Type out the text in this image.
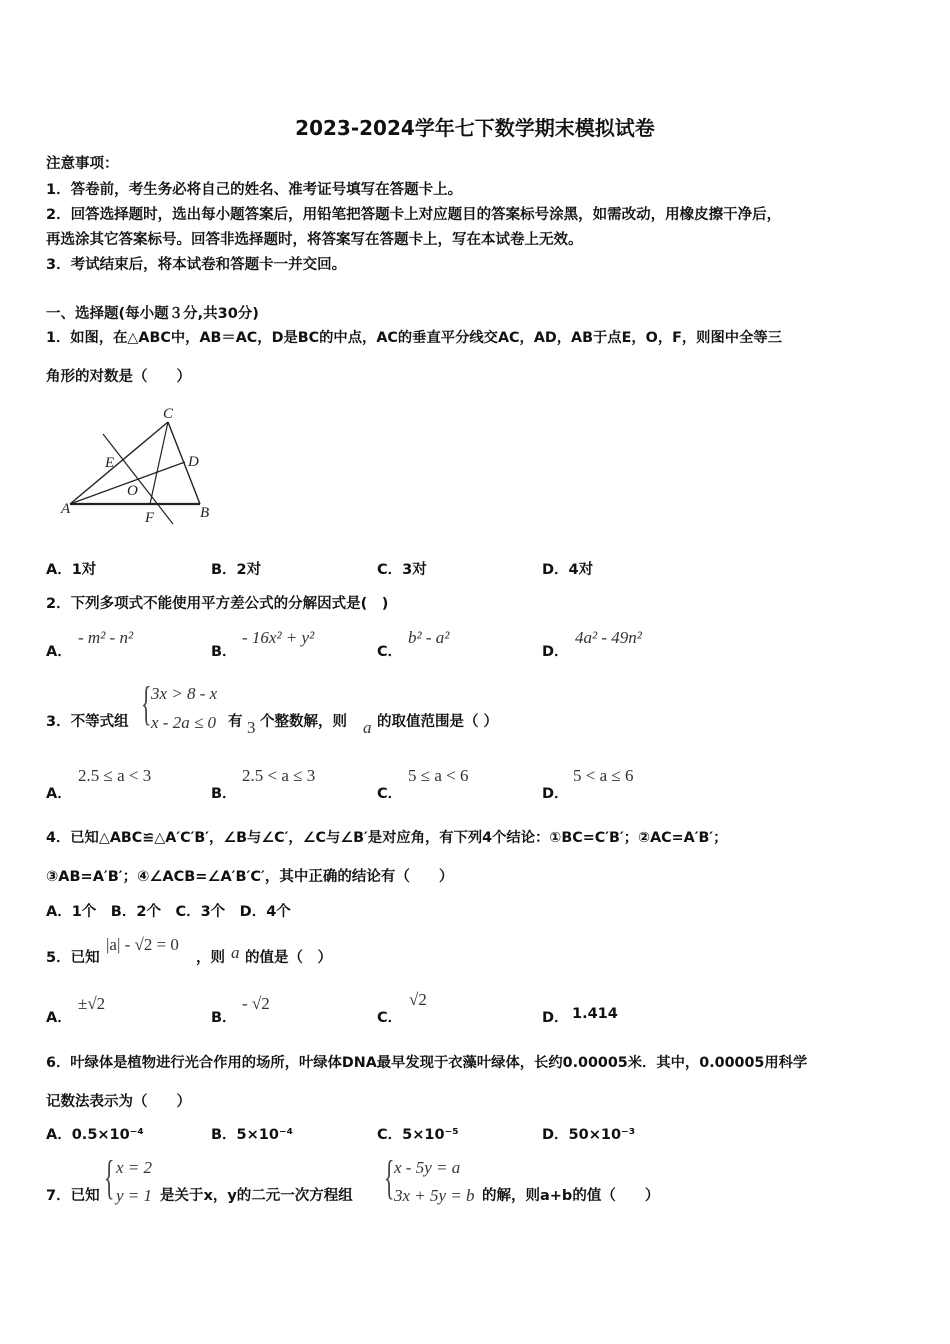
2023-2024学年七下数学期末模拟试卷
注意事项：
1．答卷前，考生务必将自己的姓名、准考证号填写在答题卡上。
2．回答选择题时，选出每小题答案后，用铅笔把答题卡上对应题目的答案标号涂黑，如需改动，用橡皮擦干净后，
再选涂其它答案标号。回答非选择题时，将答案写在答题卡上，写在本试卷上无效。
3．考试结束后，将本试卷和答题卡一并交回。
一、选择题(每小题３分,共30分)
1．如图，在△ABC中，AB＝AC，D是BC的中点，AC的垂直平分线交AC，AD，AB于点E，O，F，则图中全等三
角形的对数是（　　）
C
E	D
O
A
F	B
A．1对	B．2对	C．3对	D．4对
2．下列多项式不能使用平方差公式的分解因式是(　)
A．
- m² - n²
B．
- 16x² + y²
C．
b² - a²
D．
4a² - 49n²
3．不等式组 { 3x > 8 - x
x - 2a ≤ 0 有 3 个整数解，则 a 的取值范围是（ ）
A．
2.5 ≤ a < 3
B．
2.5 < a ≤ 3
C．
5 ≤ a < 6
D．
5 < a ≤ 6
4．已知△ABC≌△A′C′B′，∠B与∠C′，∠C与∠B′是对应角，有下列4个结论：①BC=C′B′；②AC=A′B′；
③AB=A′B′；④∠ACB=∠A′B′C′，其中正确的结论有（　　）
A．1个　B．2个　C．3个　D．4个
5．已知
|a| - √2 = 0
，则 a 的值是（　）
A．
±√2
B．
- √2
C．
√2
D． 1.414
6．叶绿体是植物进行光合作用的场所，叶绿体DNA最早发现于衣藻叶绿体，长约0.00005米．其中，0.00005用科学
记数法表示为（　　）
A．0.5×10⁻⁴	B．5×10⁻⁴	C．5×10⁻⁵	D．50×10⁻³
7．已知 { x = 2
y = 1 是关于x，y的二元一次方程组 { x - 5y = a
3x + 5y = b 的解，则a+b的值（　　）
